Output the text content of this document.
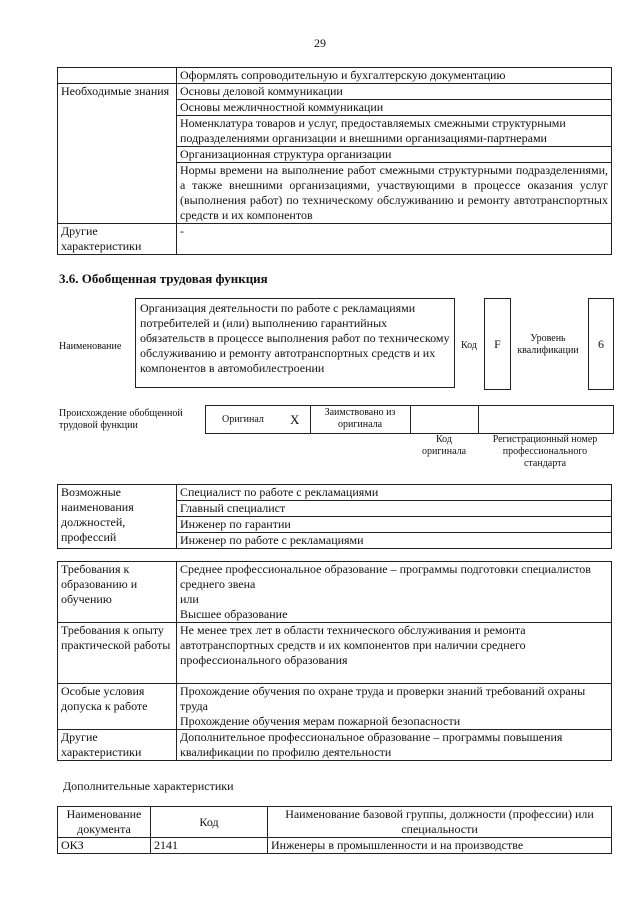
29
	Оформлять сопроводительную и бухгалтерскую документацию
Необходимые знания	Основы деловой коммуникации
	Основы межличностной коммуникации
	Номенклатура товаров и услуг, предоставляемых смежными структурными подразделениями организации и внешними организациями-партнерами
	Организационная структура организации
	Нормы времени на выполнение работ смежными структурными подразделениями, а также внешними организациями, участвующими в процессе оказания услуг (выполнения работ) по техническому обслуживанию и ремонту автотранспортных средств и их компонентов
Другие характеристики	-
3.6. Обобщенная трудовая функция
Наименование
Организация деятельности по работе с рекламациями потребителей и (или) выполнению гарантийных обязательств в процессе выполнения работ по техническому обслуживанию и ремонту автотранспортных средств и их компонентов в автомобилестроении
Код	F	Уровень квалификации	6
Происхождение обобщенной трудовой функции
Оригинал X	Заимствовано из оригинала
Код оригинала
Регистрационный номер профессионального стандарта
Возможные наименования должностей, профессий	Специалист по работе с рекламациями
Главный специалист
Инженер по гарантии
Инженер по работе с рекламациями
Требования к образованию и обучению	Среднее профессиональное образование – программы подготовки специалистов среднего звена
или
Высшее образование

Требования к опыту практической работы	Не менее трех лет в области технического обслуживания и ремонта автотранспортных средств и их компонентов при наличии среднего профессионального образования
Особые условия допуска к работе	Прохождение обучения по охране труда и проверки знаний требований охраны труда
Прохождение обучения мерам пожарной безопасности

Другие характеристики	Дополнительное профессиональное образование – программы повышения квалификации по профилю деятельности
Дополнительные характеристики
Наименование документа	Код	Наименование базовой группы, должности (профессии) или специальности
ОКЗ	2141	Инженеры в промышленности и на производстве
